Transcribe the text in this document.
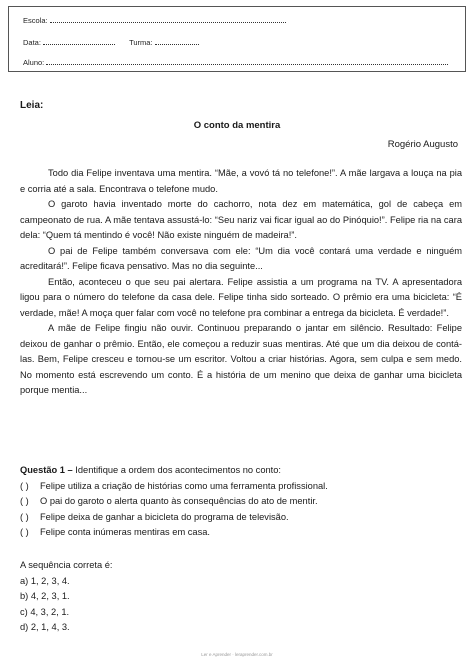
Escola:
Data:	Turma:
Aluno:
Leia:
O conto da mentira
Rogério Augusto

Todo dia Felipe inventava uma mentira. “Mãe, a vovó tá no telefone!”. A mãe largava a louça na pia e corria até a sala. Encontrava o telefone mudo.

O garoto havia inventado morte do cachorro, nota dez em matemática, gol de cabeça em campeonato de rua. A mãe tentava assustá-lo: “Seu nariz vai ficar igual ao do Pinóquio!”. Felipe ria na cara dela: “Quem tá mentindo é você! Não existe ninguém de madeira!”.

O pai de Felipe também conversava com ele: “Um dia você contará uma verdade e ninguém acreditará!”. Felipe ficava pensativo. Mas no dia seguinte...

Então, aconteceu o que seu pai alertara. Felipe assistia a um programa na TV. A apresentadora ligou para o número do telefone da casa dele. Felipe tinha sido sorteado. O prêmio era uma bicicleta: “É verdade, mãe! A moça quer falar com você no telefone pra combinar a entrega da bicicleta. É verdade!”.

A mãe de Felipe fingiu não ouvir. Continuou preparando o jantar em silêncio. Resultado: Felipe deixou de ganhar o prêmio. Então, ele começou a reduzir suas mentiras. Até que um dia deixou de contá-las. Bem, Felipe cresceu e tornou-se um escritor. Voltou a criar histórias. Agora, sem culpa e sem medo. No momento está escrevendo um conto. É a história de um menino que deixa de ganhar uma bicicleta porque mentia...

Questão 1 – Identifique a ordem dos acontecimentos no conto:

( )	Felipe utiliza a criação de histórias como uma ferramenta profissional.

( )	O pai do garoto o alerta quanto às consequências do ato de mentir.

( )	Felipe deixa de ganhar a bicicleta do programa de televisão.

( )	Felipe conta inúmeras mentiras em casa.

A sequência correta é:

a) 1, 2, 3, 4.

b) 4, 2, 3, 1.

c) 4, 3, 2, 1.

d) 2, 1, 4, 3.

Ler e Aprender · leraprender.com.br
